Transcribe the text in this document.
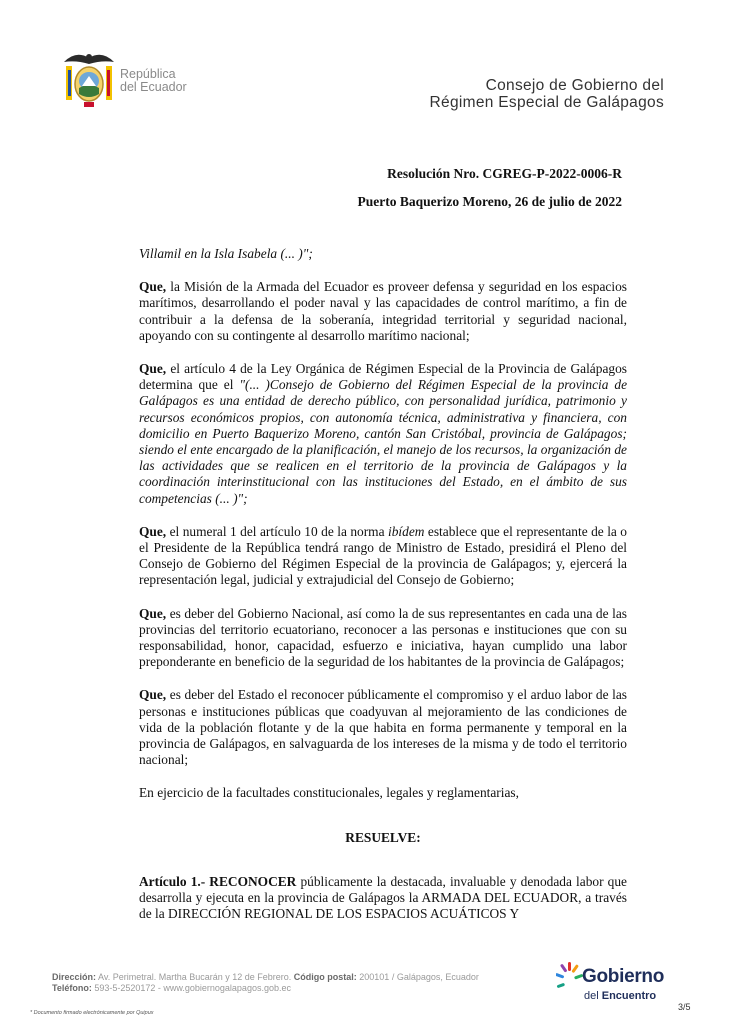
República
del Ecuador	Consejo de Gobierno del
Régimen Especial de Galápagos
Resolución Nro. CGREG-P-2022-0006-R
Puerto Baquerizo Moreno, 26 de julio de 2022

Villamil en la Isla Isabela (... )";

Que, la Misión de la Armada del Ecuador es proveer defensa y seguridad en los espacios marítimos, desarrollando el poder naval y las capacidades de control marítimo, a fin de contribuir a la defensa de la soberanía, integridad territorial y seguridad nacional, apoyando con su contingente al desarrollo marítimo nacional;

Que, el artículo 4 de la Ley Orgánica de Régimen Especial de la Provincia de Galápagos determina que el "(... )Consejo de Gobierno del Régimen Especial de la provincia de Galápagos es una entidad de derecho público, con personalidad jurídica, patrimonio y recursos económicos propios, con autonomía técnica, administrativa y financiera, con domicilio en Puerto Baquerizo Moreno, cantón San Cristóbal, provincia de Galápagos; siendo el ente encargado de la planificación, el manejo de los recursos, la organización de las actividades que se realicen en el territorio de la provincia de Galápagos y la coordinación interinstitucional con las instituciones del Estado, en el ámbito de sus competencias (... )";

Que, el numeral 1 del artículo 10 de la norma ibídem establece que el representante de la o el Presidente de la República tendrá rango de Ministro de Estado, presidirá el Pleno del Consejo de Gobierno del Régimen Especial de la provincia de Galápagos; y, ejercerá la representación legal, judicial y extrajudicial del Consejo de Gobierno;

Que, es deber del Gobierno Nacional, así como la de sus representantes en cada una de las provincias del territorio ecuatoriano, reconocer a las personas e instituciones que con su responsabilidad, honor, capacidad, esfuerzo e iniciativa, hayan cumplido una labor preponderante en beneficio de la seguridad de los habitantes de la provincia de Galápagos;

Que, es deber del Estado el reconocer públicamente el compromiso y el arduo labor de las personas e instituciones públicas que coadyuvan al mejoramiento de las condiciones de vida de la población flotante y de la que habita en forma permanente y temporal en la provincia de Galápagos, en salvaguarda de los intereses de la misma y de todo el territorio nacional;

En ejercicio de la facultades constitucionales, legales y reglamentarias,

RESUELVE:

Artículo 1.- RECONOCER públicamente la destacada, invaluable y denodada labor que desarrolla y ejecuta en la provincia de Galápagos la ARMADA DEL ECUADOR, a través de la DIRECCIÓN REGIONAL DE LOS ESPACIOS ACUÁTICOS Y

Dirección: Av. Perimetral. Martha Bucarán y 12 de Febrero. Código postal: 200101 / Galápagos, Ecuador
Teléfono: 593-5-2520172 - www.gobiernogalapagos.gob.ec
* Documento firmado electrónicamente por Quipux
Gobierno
del Encuentro
3/5
